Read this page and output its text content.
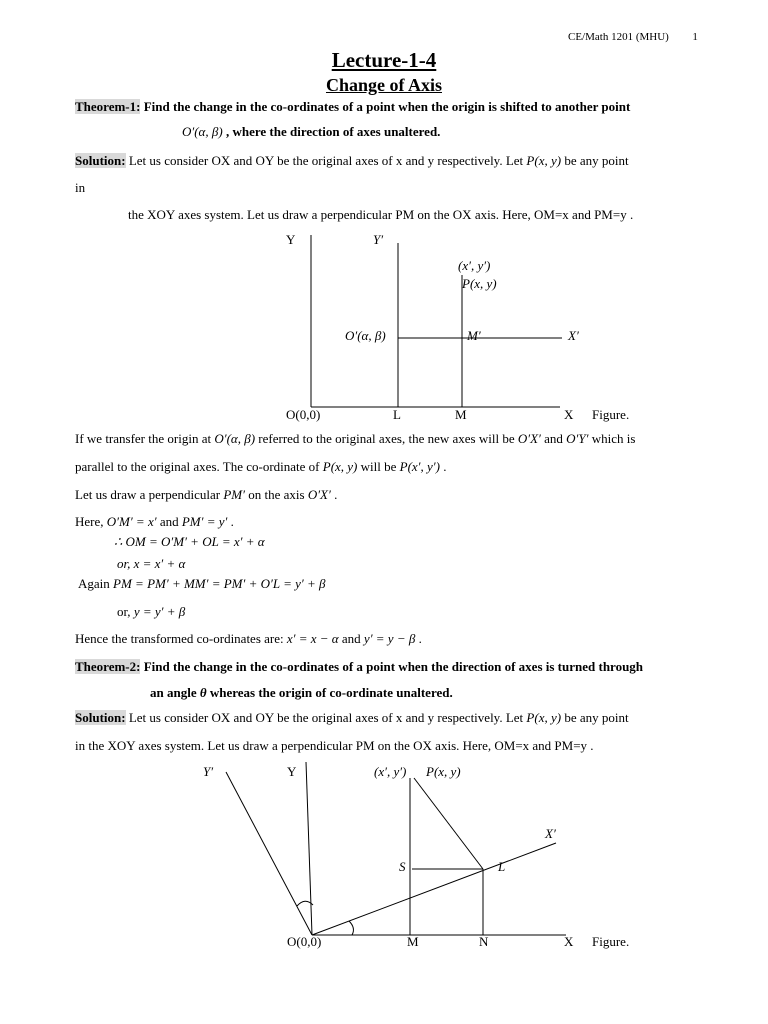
CE/Math 1201 (MHU) 1
Lecture-1-4
Change of Axis
Theorem-1: Find the change in the co-ordinates of a point when the origin is shifted to another point
O′(α, β) , where the direction of axes unaltered.
Solution: Let us consider OX and OY be the original axes of x and y respectively. Let P(x, y) be any point
in
the XOY axes system. Let us draw a perpendicular PM on the OX axis. Here, OM=x and PM=y .
Y	Y′
(x′, y′)
P(x, y)
O′(α, β)	M′	X′
O(0,0)	L	M	X Figure.
Y′	Y	(x′, y′) P(x, y)
X′
S	L
O(0,0)	M	N	X Figure.
If we transfer the origin at O′(α, β) referred to the original axes, the new axes will be O′X′ and O′Y′ which is
parallel to the original axes. The co-ordinate of P(x, y) will be P(x′, y′) .
Let us draw a perpendicular PM′ on the axis O′X′ .
Here, O′M′ = x′ and PM′ = y′ .
∴ OM = O′M′ + OL = x′ + α
or, x = x′ + α
Again PM = PM′ + MM′ = PM′ + O′L = y′ + β
or, y = y′ + β
Hence the transformed co-ordinates are: x′ = x − α and y′ = y − β .
Theorem-2: Find the change in the co-ordinates of a point when the direction of axes is turned through
an angle θ whereas the origin of co-ordinate unaltered.
Solution: Let us consider OX and OY be the original axes of x and y respectively. Let P(x, y) be any point
in the XOY axes system. Let us draw a perpendicular PM on the OX axis. Here, OM=x and PM=y .
